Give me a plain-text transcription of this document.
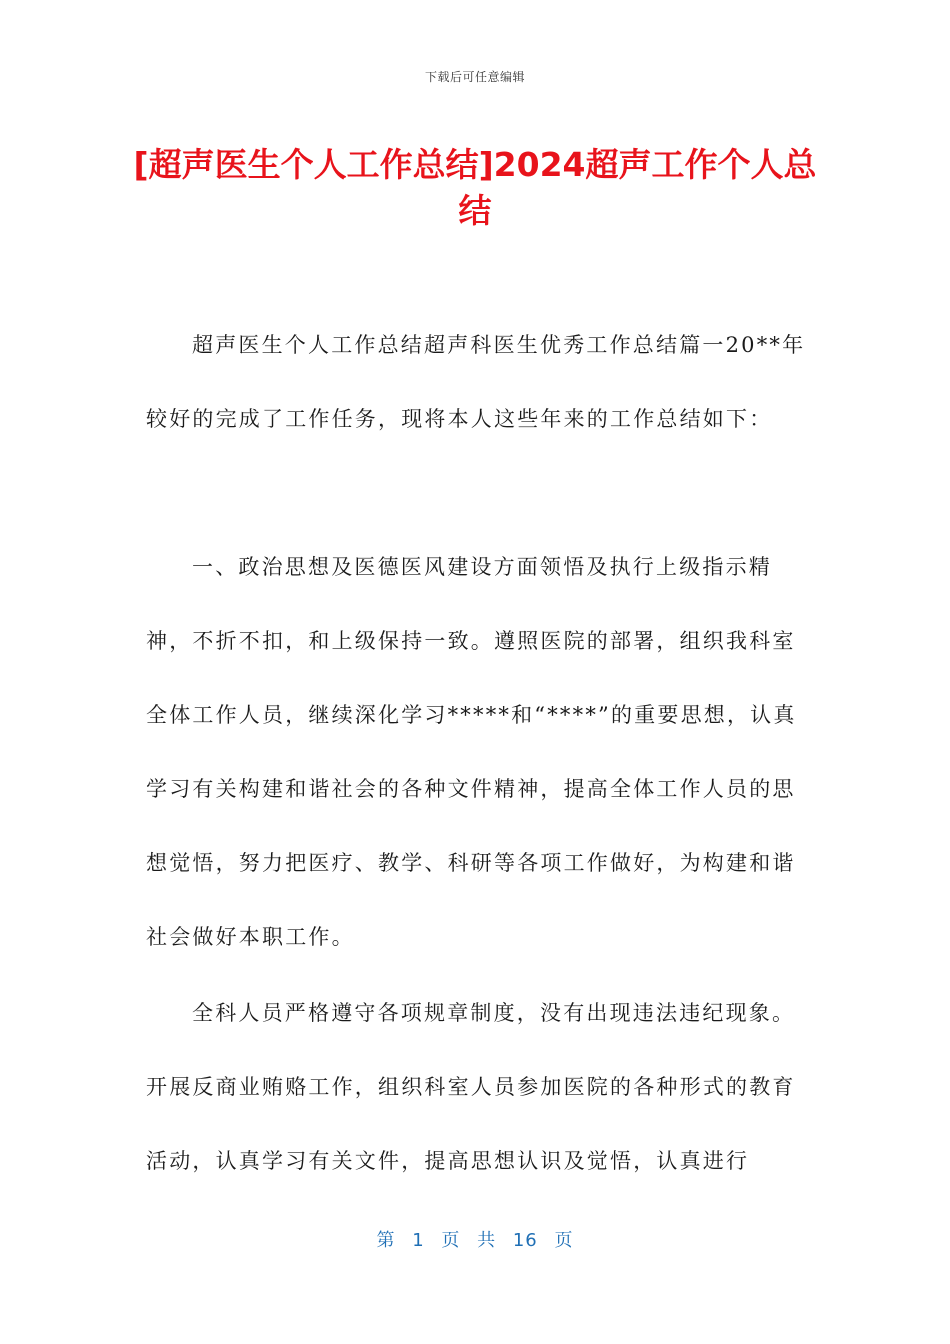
下载后可任意编辑
[超声医生个人工作总结]2024超声工作个人总结

超声医生个人工作总结超声科医生优秀工作总结篇一20**年较好的完成了工作任务，现将本人这些年来的工作总结如下：

一、政治思想及医德医风建设方面领悟及执行上级指示精神，不折不扣，和上级保持一致。遵照医院的部署，组织我科室全体工作人员，继续深化学习*****和“****”的重要思想，认真学习有关构建和谐社会的各种文件精神，提高全体工作人员的思想觉悟，努力把医疗、教学、科研等各项工作做好，为构建和谐社会做好本职工作。

全科人员严格遵守各项规章制度，没有出现违法违纪现象。开展反商业贿赂工作，组织科室人员参加医院的各种形式的教育活动，认真学习有关文件，提高思想认识及觉悟，认真进行

第 1 页 共 16 页
